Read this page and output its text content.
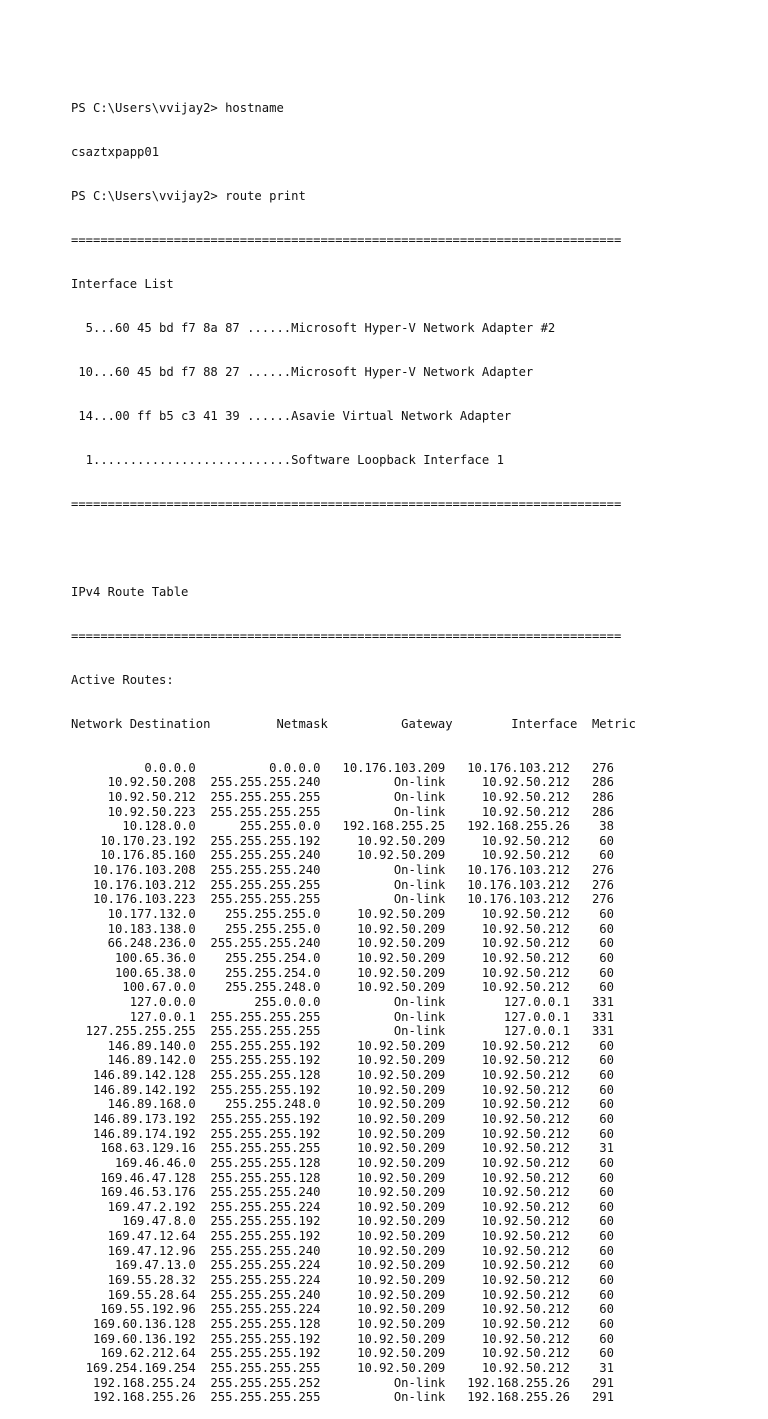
PS C:\Users\vvijay2> hostname

csaztxpapp01

PS C:\Users\vvijay2> route print

===========================================================================

Interface List

5...60 45 bd f7 8a 87 ......Microsoft Hyper-V Network Adapter #2

10...60 45 bd f7 88 27 ......Microsoft Hyper-V Network Adapter

14...00 ff b5 c3 41 39 ......Asavie Virtual Network Adapter

1...........................Software Loopback Interface 1

===========================================================================

IPv4 Route Table

===========================================================================

Active Routes:

Network Destination         Netmask          Gateway        Interface  Metric

0.0.0.0          0.0.0.0   10.176.103.209   10.176.103.212   276
10.92.50.208  255.255.255.240          On-link     10.92.50.212   286
10.92.50.212  255.255.255.255          On-link     10.92.50.212   286
10.92.50.223  255.255.255.255          On-link     10.92.50.212   286
10.128.0.0      255.255.0.0   192.168.255.25   192.168.255.26    38
10.170.23.192  255.255.255.192     10.92.50.209     10.92.50.212    60
10.176.85.160  255.255.255.240     10.92.50.209     10.92.50.212    60
10.176.103.208  255.255.255.240          On-link   10.176.103.212   276
10.176.103.212  255.255.255.255          On-link   10.176.103.212   276
10.176.103.223  255.255.255.255          On-link   10.176.103.212   276
10.177.132.0    255.255.255.0     10.92.50.209     10.92.50.212    60
10.183.138.0    255.255.255.0     10.92.50.209     10.92.50.212    60
66.248.236.0  255.255.255.240     10.92.50.209     10.92.50.212    60
100.65.36.0    255.255.254.0     10.92.50.209     10.92.50.212    60
100.65.38.0    255.255.254.0     10.92.50.209     10.92.50.212    60
100.67.0.0    255.255.248.0     10.92.50.209     10.92.50.212    60
127.0.0.0        255.0.0.0          On-link        127.0.0.1   331
127.0.0.1  255.255.255.255          On-link        127.0.0.1   331
127.255.255.255  255.255.255.255          On-link        127.0.0.1   331
146.89.140.0  255.255.255.192     10.92.50.209     10.92.50.212    60
146.89.142.0  255.255.255.192     10.92.50.209     10.92.50.212    60
146.89.142.128  255.255.255.128     10.92.50.209     10.92.50.212    60
146.89.142.192  255.255.255.192     10.92.50.209     10.92.50.212    60
146.89.168.0    255.255.248.0     10.92.50.209     10.92.50.212    60
146.89.173.192  255.255.255.192     10.92.50.209     10.92.50.212    60
146.89.174.192  255.255.255.192     10.92.50.209     10.92.50.212    60
168.63.129.16  255.255.255.255     10.92.50.209     10.92.50.212    31
169.46.46.0  255.255.255.128     10.92.50.209     10.92.50.212    60
169.46.47.128  255.255.255.128     10.92.50.209     10.92.50.212    60
169.46.53.176  255.255.255.240     10.92.50.209     10.92.50.212    60
169.47.2.192  255.255.255.224     10.92.50.209     10.92.50.212    60
169.47.8.0  255.255.255.192     10.92.50.209     10.92.50.212    60
169.47.12.64  255.255.255.192     10.92.50.209     10.92.50.212    60
169.47.12.96  255.255.255.240     10.92.50.209     10.92.50.212    60
169.47.13.0  255.255.255.224     10.92.50.209     10.92.50.212    60
169.55.28.32  255.255.255.224     10.92.50.209     10.92.50.212    60
169.55.28.64  255.255.255.240     10.92.50.209     10.92.50.212    60
169.55.192.96  255.255.255.224     10.92.50.209     10.92.50.212    60
169.60.136.128  255.255.255.128     10.92.50.209     10.92.50.212    60
169.60.136.192  255.255.255.192     10.92.50.209     10.92.50.212    60
169.62.212.64  255.255.255.192     10.92.50.209     10.92.50.212    60
169.254.169.254  255.255.255.255     10.92.50.209     10.92.50.212    31
192.168.255.24  255.255.255.252          On-link   192.168.255.26   291
192.168.255.26  255.255.255.255          On-link   192.168.255.26   291
